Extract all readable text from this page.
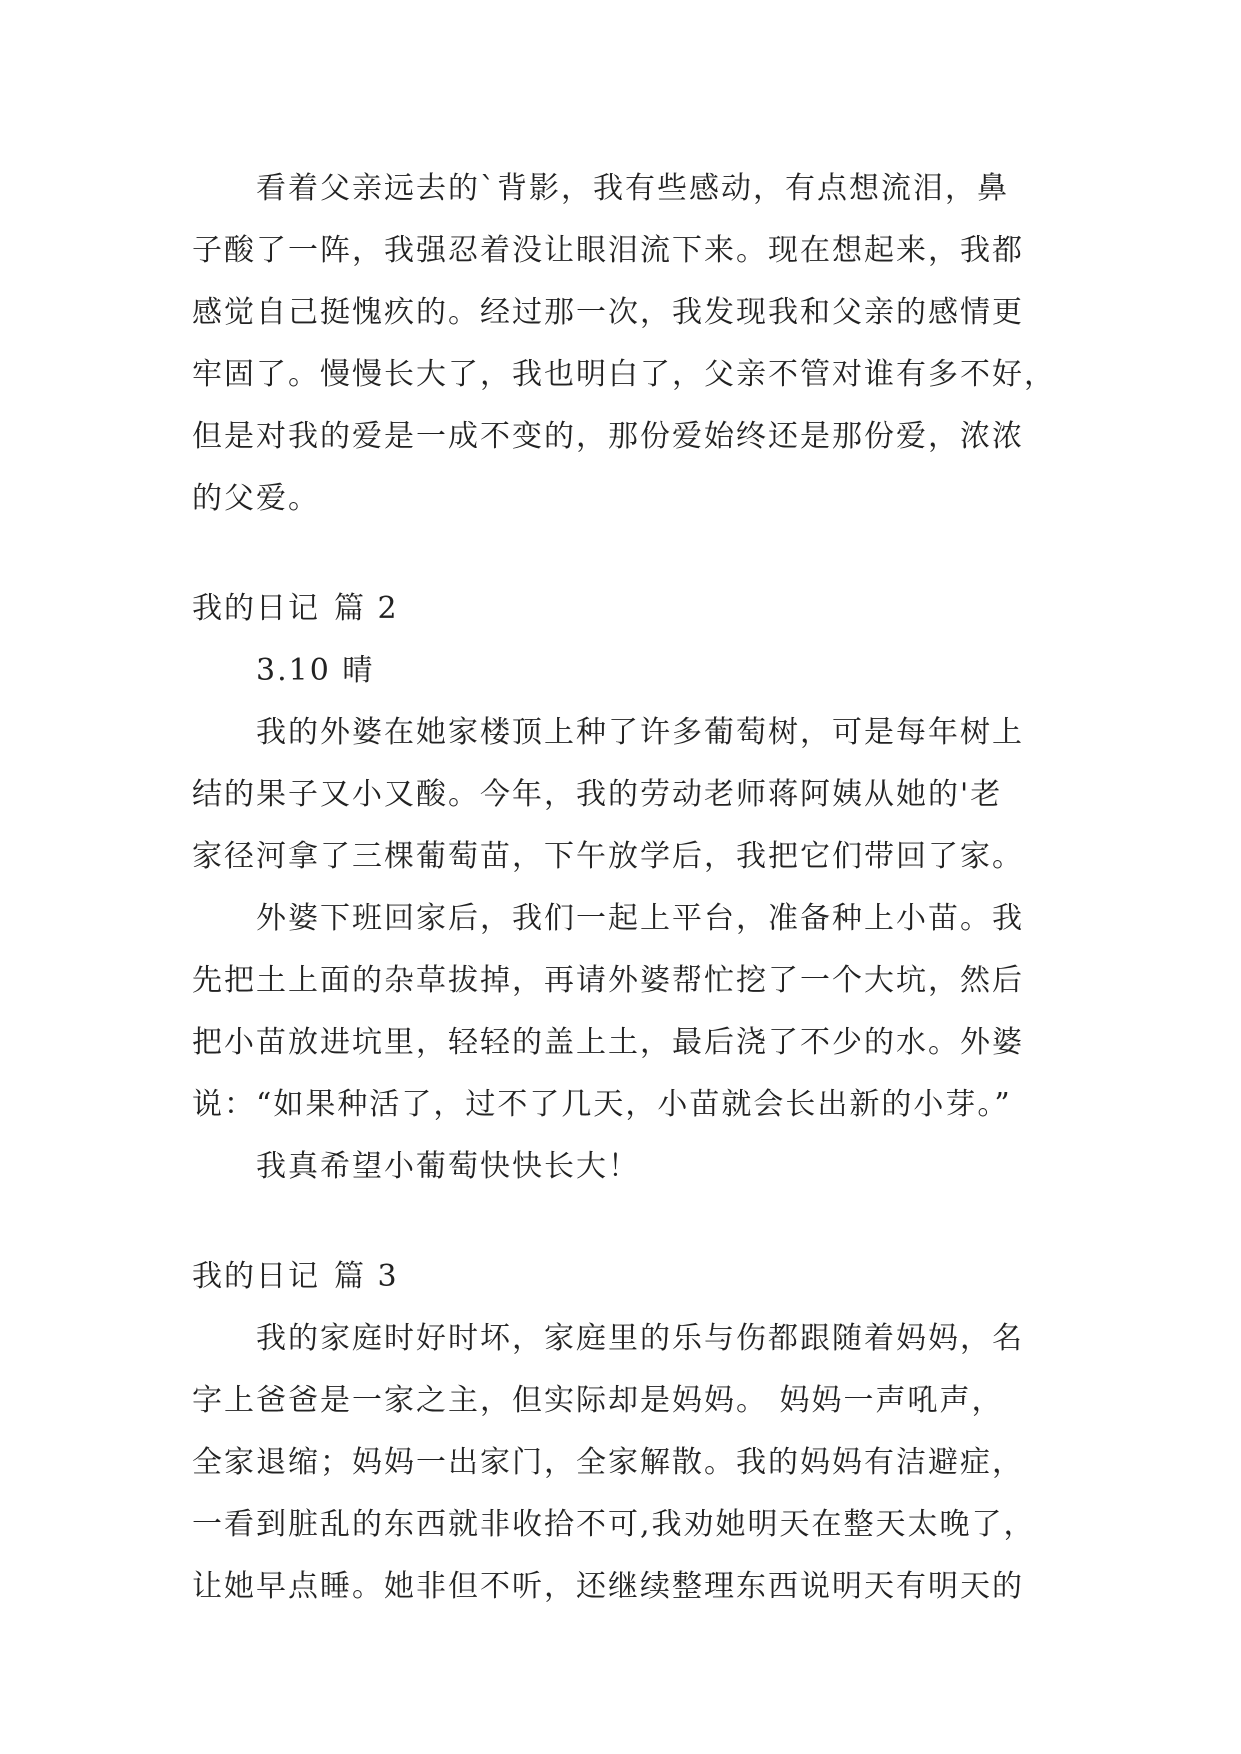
看着父亲远去的`背影，我有些感动，有点想流泪，鼻
子酸了一阵，我强忍着没让眼泪流下来。现在想起来，我都
感觉自己挺愧疚的。经过那一次，我发现我和父亲的感情更
牢固了。慢慢长大了，我也明白了，父亲不管对谁有多不好，
但是对我的爱是一成不变的，那份爱始终还是那份爱，浓浓
的父爱。
我的日记 篇 2
3.10 晴
我的外婆在她家楼顶上种了许多葡萄树，可是每年树上
结的果子又小又酸。今年，我的劳动老师蒋阿姨从她的'老
家径河拿了三棵葡萄苗，下午放学后，我把它们带回了家。
外婆下班回家后，我们一起上平台，准备种上小苗。我
先把土上面的杂草拔掉，再请外婆帮忙挖了一个大坑，然后
把小苗放进坑里，轻轻的盖上土，最后浇了不少的水。外婆
说：“如果种活了，过不了几天，小苗就会长出新的小芽。”
我真希望小葡萄快快长大！
我的日记 篇 3
我的家庭时好时坏，家庭里的乐与伤都跟随着妈妈，名
字上爸爸是一家之主，但实际却是妈妈。 妈妈一声吼声，
全家退缩；妈妈一出家门，全家解散。我的妈妈有洁避症，
一看到脏乱的东西就非收拾不可,我劝她明天在整天太晚了，
让她早点睡。她非但不听，还继续整理东西说明天有明天的
